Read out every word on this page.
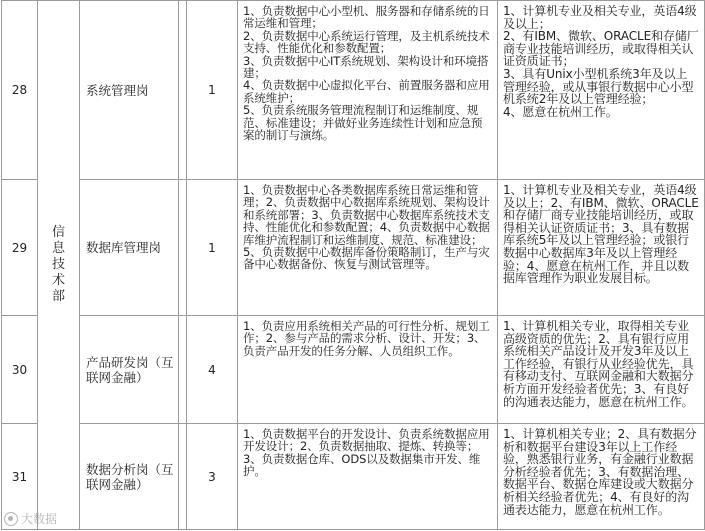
28	信息技术部	系统管理岗		1	1、负责数据中心小型机、服务器和存储系统的日常运维和管理；
2、负责数据中心系统运行管理，及主机系统技术支持、性能优化和参数配置；
3、负责数据中心IT系统规划、架构设计和环境搭建；
4、负责数据中心虚拟化平台、前置服务器和应用系统维护；
5、负责系统服务管理流程制订和运维制度、规范、标准建设；并做好业务连续性计划和应急预案的制订与演练。	1、计算机专业及相关专业，英语4级及以上；
2、有IBM、微软、ORACLE和存储厂商专业技能培训经历，或取得相关认证资质证书；
3、具有Unix小型机系统3年及以上管理经验，或从事银行数据中心小型机系统2年及以上管理经验；
4、愿意在杭州工作。
29		数据库管理岗		1	1、负责数据中心各类数据库系统日常运维和管理；2、负责数据中心数据库系统规划、架构设计和系统部署；3、负责数据中心数据库系统技术支持、性能优化和参数配置；4、负责数据中心数据库维护流程制订和运维制度、规范、标准建设；5、负责数据中心数据库备份策略制订，生产与灾备中心数据备份、恢复与测试管理等。	1、计算机专业及相关专业，英语4级及以上；2、有IBM、微软、ORACLE和存储厂商专业技能培训经历，或取得相关认证资质证书；3、具有数据库系统5年及以上管理经验；或银行数据中心数据库3年及以上管理经验；4、愿意在杭州工作，并且以数据库管理作为职业发展目标。
30		产品研发岗（互联网金融）		4	1、负责应用系统相关产品的可行性分析、规划工作；2、参与产品的需求分析、设计、开发；3、负责产品开发的任务分解、人员组织工作。	1、计算机相关专业，取得相关专业高级资质的优先；2、具有银行应用系统相关产品设计及开发3年及以上工作经验，有银行从业经验优先，具有移动支付、互联网金融和大数据分析方面开发经验者优先；3、有良好的沟通表达能力，愿意在杭州工作。
31		数据分析岗（互联网金融）		3	1、负责数据平台的开发设计、负责系统数据应用开发设计；2、负责数据抽取、提炼、转换等；3、负责数据仓库、ODS以及数据集市开发、维护。	1、计算机相关专业；2、具有数据分析和数据平台建设3年以上工作经验，熟悉银行业务，有金融行业数据分析经验者优先；3、有数据治理、数据平台、数据仓库建设或大数据分析相关经验者优先；4、有良好的沟通表达能力，愿意在杭州工作。
大数据
